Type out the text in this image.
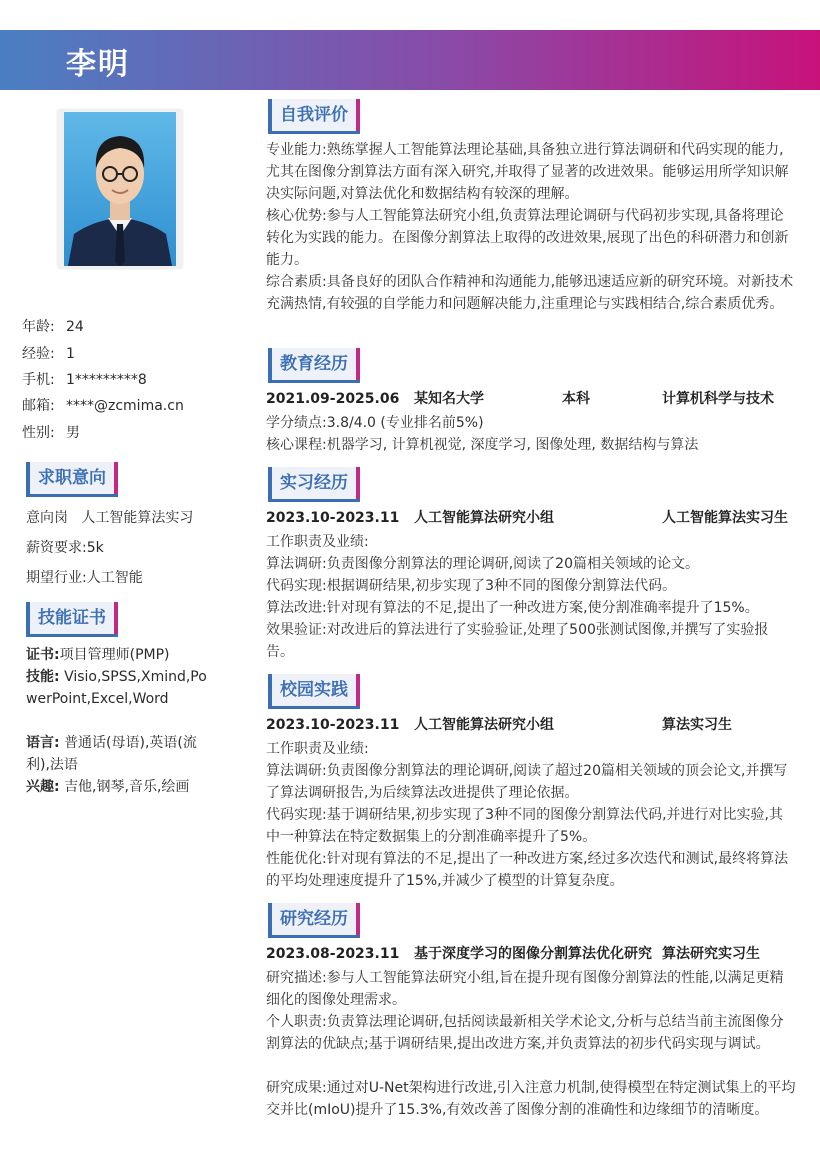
李明
年龄: 24
经验: 1
手机: 1*********8
邮箱: ****@zcmima.cn
性别: 男
求职意向
意向岗 人工智能算法实习
薪资要求:5k
期望行业:人工智能
技能证书
证书:项目管理师(PMP)
技能: Visio,SPSS,Xmind,PowerPoint,Excel,Word
语言: 普通话(母语),英语(流利),法语
兴趣: 吉他,钢琴,音乐,绘画
自我评价
专业能力:熟练掌握人工智能算法理论基础,具备独立进行算法调研和代码实现的能力,尤其在图像分割算法方面有深入研究,并取得了显著的改进效果。能够运用所学知识解决实际问题,对算法优化和数据结构有较深的理解。
核心优势:参与人工智能算法研究小组,负责算法理论调研与代码初步实现,具备将理论转化为实践的能力。在图像分割算法上取得的改进效果,展现了出色的科研潜力和创新能力。
综合素质:具备良好的团队合作精神和沟通能力,能够迅速适应新的研究环境。对新技术充满热情,有较强的自学能力和问题解决能力,注重理论与实践相结合,综合素质优秀。
教育经历
2021.09-2025.06 某知名大学	本科	计算机科学与技术
学分绩点:3.8/4.0 (专业排名前5%)
核心课程:机器学习, 计算机视觉, 深度学习, 图像处理, 数据结构与算法
实习经历
2023.10-2023.11 人工智能算法研究小组	人工智能算法实习生
工作职责及业绩:
算法调研:负责图像分割算法的理论调研,阅读了20篇相关领域的论文。
代码实现:根据调研结果,初步实现了3种不同的图像分割算法代码。
算法改进:针对现有算法的不足,提出了一种改进方案,使分割准确率提升了15%。
效果验证:对改进后的算法进行了实验验证,处理了500张测试图像,并撰写了实验报告。
校园实践
2023.10-2023.11 人工智能算法研究小组	算法实习生
工作职责及业绩:
算法调研:负责图像分割算法的理论调研,阅读了超过20篇相关领域的顶会论文,并撰写了算法调研报告,为后续算法改进提供了理论依据。
代码实现:基于调研结果,初步实现了3种不同的图像分割算法代码,并进行对比实验,其中一种算法在特定数据集上的分割准确率提升了5%。
性能优化:针对现有算法的不足,提出了一种改进方案,经过多次迭代和测试,最终将算法的平均处理速度提升了15%,并减少了模型的计算复杂度。
研究经历
2023.08-2023.11 基于深度学习的图像分割算法优化研究 算法研究实习生
研究描述:参与人工智能算法研究小组,旨在提升现有图像分割算法的性能,以满足更精细化的图像处理需求。
个人职责:负责算法理论调研,包括阅读最新相关学术论文,分析与总结当前主流图像分割算法的优缺点;基于调研结果,提出改进方案,并负责算法的初步代码实现与调试。
研究成果:通过对U-Net架构进行改进,引入注意力机制,使得模型在特定测试集上的平均交并比(mIoU)提升了15.3%,有效改善了图像分割的准确性和边缘细节的清晰度。
